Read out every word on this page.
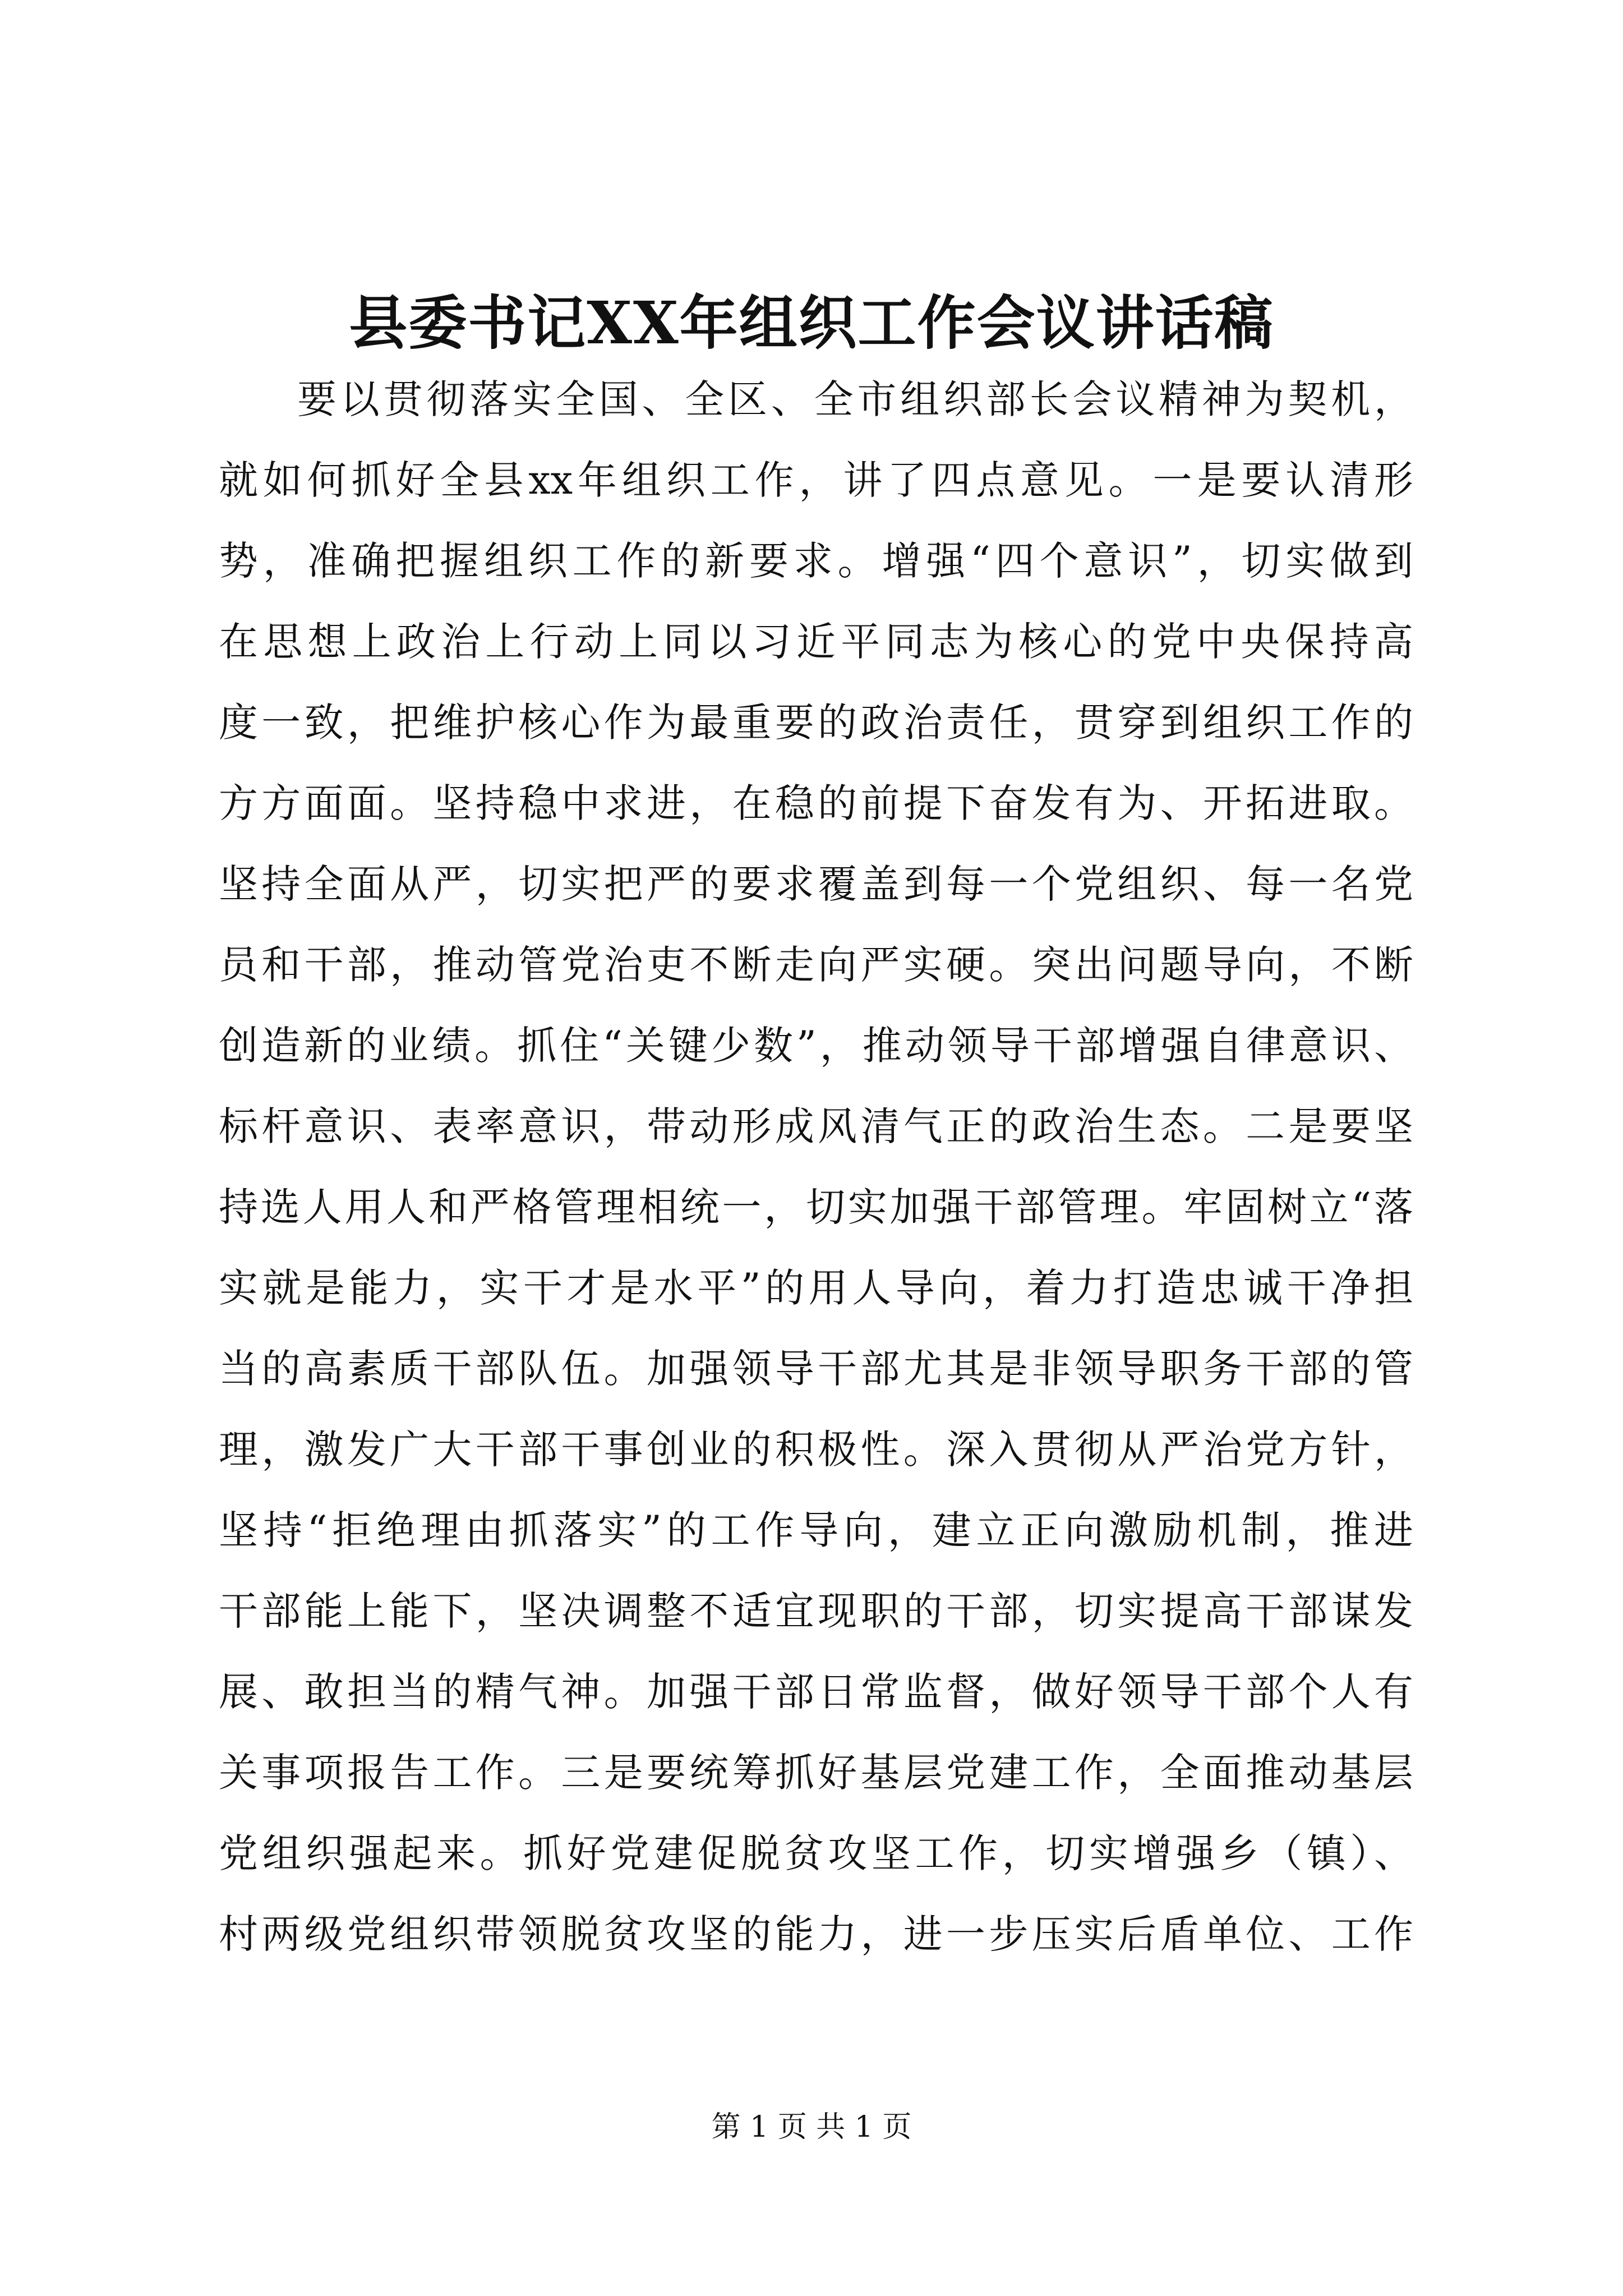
县委书记XX年组织工作会议讲话稿
要以贯彻落实全国、全区、全市组织部长会议精神为契机，
就如何抓好全县xx年组织工作，讲了四点意见。一是要认清形
势，准确把握组织工作的新要求。增强“四个意识”，切实做到
在思想上政治上行动上同以习近平同志为核心的党中央保持高
度一致，把维护核心作为最重要的政治责任，贯穿到组织工作的
方方面面。坚持稳中求进，在稳的前提下奋发有为、开拓进取。
坚持全面从严，切实把严的要求覆盖到每一个党组织、每一名党
员和干部，推动管党治吏不断走向严实硬。突出问题导向，不断
创造新的业绩。抓住“关键少数”，推动领导干部增强自律意识、
标杆意识、表率意识，带动形成风清气正的政治生态。二是要坚
持选人用人和严格管理相统一，切实加强干部管理。牢固树立“落
实就是能力，实干才是水平”的用人导向，着力打造忠诚干净担
当的高素质干部队伍。加强领导干部尤其是非领导职务干部的管
理，激发广大干部干事创业的积极性。深入贯彻从严治党方针，
坚持“拒绝理由抓落实”的工作导向，建立正向激励机制，推进
干部能上能下，坚决调整不适宜现职的干部，切实提高干部谋发
展、敢担当的精气神。加强干部日常监督，做好领导干部个人有
关事项报告工作。三是要统筹抓好基层党建工作，全面推动基层
党组织强起来。抓好党建促脱贫攻坚工作，切实增强乡（镇）、
村两级党组织带领脱贫攻坚的能力，进一步压实后盾单位、工作
第 1 页 共 1 页
